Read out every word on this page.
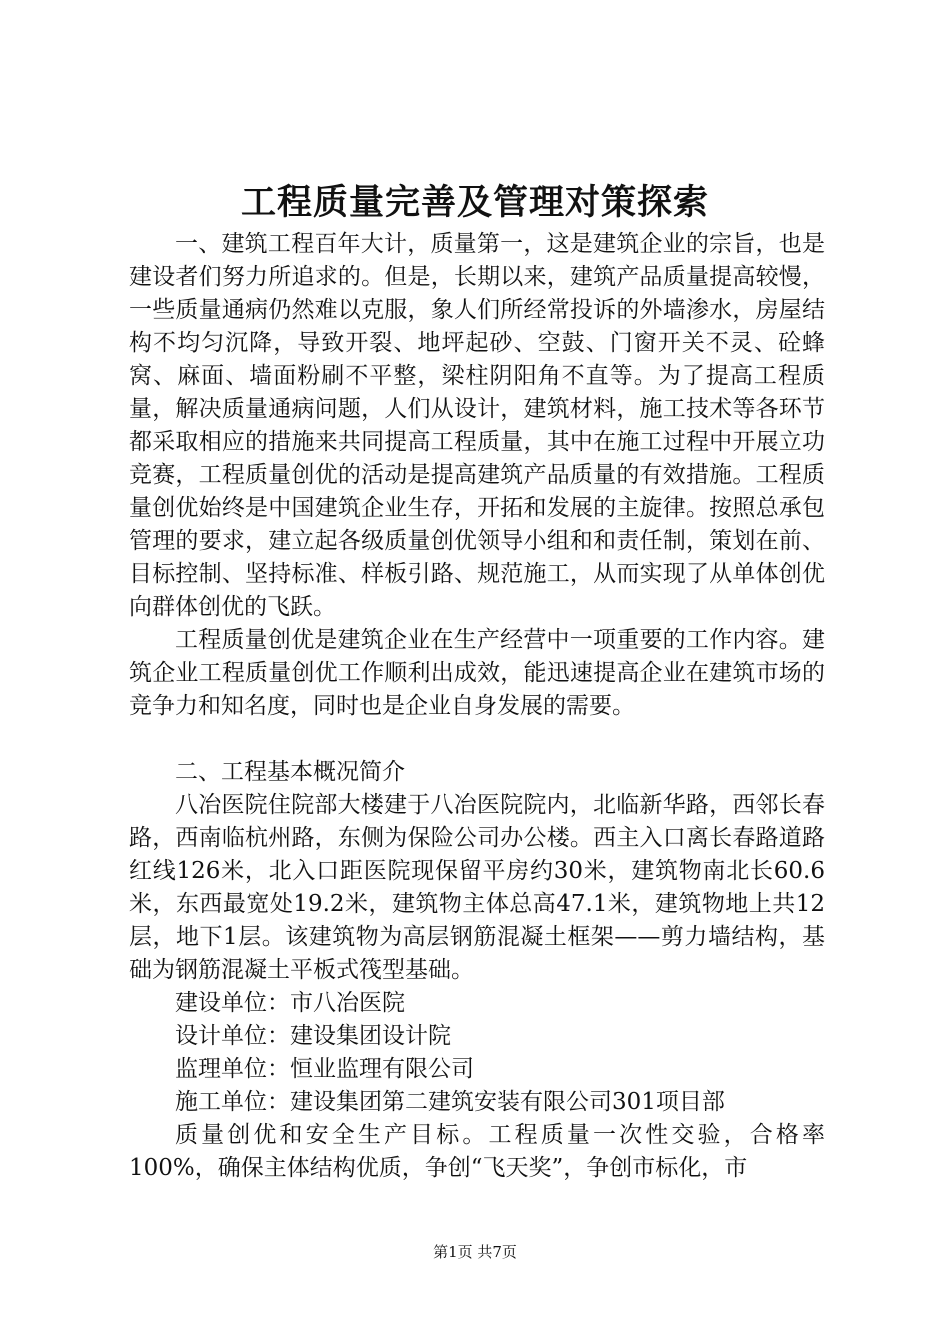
工程质量完善及管理对策探索

一、建筑工程百年大计，质量第一，这是建筑企业的宗旨，也是建设者们努力所追求的。但是，长期以来，建筑产品质量提高较慢，一些质量通病仍然难以克服，象人们所经常投诉的外墙渗水，房屋结构不均匀沉降，导致开裂、地坪起砂、空鼓、门窗开关不灵、砼蜂窝、麻面、墙面粉刷不平整，梁柱阴阳角不直等。为了提高工程质量，解决质量通病问题，人们从设计，建筑材料，施工技术等各环节都采取相应的措施来共同提高工程质量，其中在施工过程中开展立功竞赛，工程质量创优的活动是提高建筑产品质量的有效措施。工程质量创优始终是中国建筑企业生存，开拓和发展的主旋律。按照总承包管理的要求，建立起各级质量创优领导小组和和责任制，策划在前、目标控制、坚持标准、样板引路、规范施工，从而实现了从单体创优向群体创优的飞跃。

工程质量创优是建筑企业在生产经营中一项重要的工作内容。建筑企业工程质量创优工作顺利出成效，能迅速提高企业在建筑市场的竞争力和知名度，同时也是企业自身发展的需要。

二、工程基本概况简介

八冶医院住院部大楼建于八冶医院院内，北临新华路，西邻长春路，西南临杭州路，东侧为保险公司办公楼。西主入口离长春路道路红线126米，北入口距医院现保留平房约30米，建筑物南北长60.6米，东西最宽处19.2米，建筑物主体总高47.1米，建筑物地上共12层，地下1层。该建筑物为高层钢筋混凝土框架——剪力墙结构，基础为钢筋混凝土平板式筏型基础。

建设单位：市八冶医院

设计单位：建设集团设计院

监理单位：恒业监理有限公司

施工单位：建设集团第二建筑安装有限公司301项目部

质量创优和安全生产目标。工程质量一次性交验，合格率100%，确保主体结构优质，争创“飞天奖”，争创市标化，市

第1页 共7页
